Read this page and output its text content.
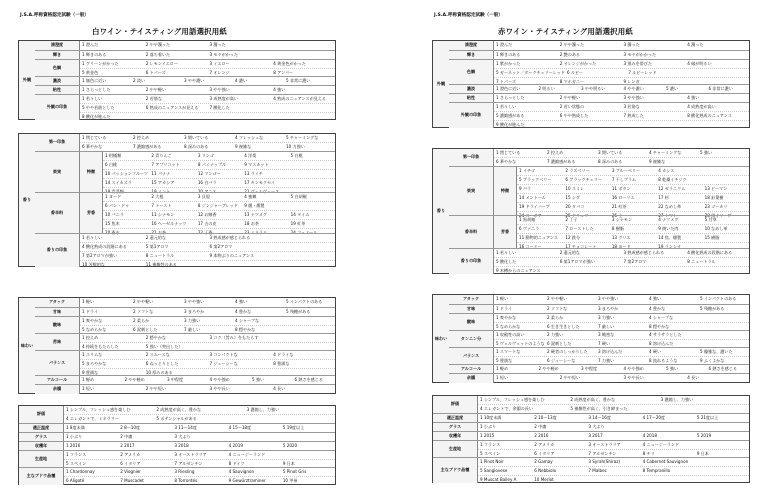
J.S.A.呼称資格認定試験（一般）
白ワイン・テイスティング用語選択用紙
外観
清澄度	1 澄んだ	2 やや濁った	3 濁った
輝き	1 輝きのある	2 落ち着いた	3 モヤがかった
色調
1 グリーンがかった	2 レモンイエロー	3 イエロー	4 黄金色がかった
5 黄金色	6 トパーズ	7 オレンジ	8 アンバー
濃淡	1 無色に近い	2 淡い	3 やや濃い	4 濃い	5 非常に濃い
粘性	1 さらっとした	2 やや軽い	3 やや強い	4 強い
外観の印象
1 若々しい	2 若筋な	3 成熟度が高い	4 熟成のニュアンスが見える
5 やや若筋とした	6 熟成のニュアンスが見える	7 酸化した
8 酸化が進んだ
香り
第一印象
1 閉じている	2 控えめ	3 開いている	4 フレッシュな	5 チャーミングな
6 華やかな	7 濃縮感がある	8 深みのある	9 複雑な	10 力強い
果実	特徴
1 柑橘類	2 青りんご	3 リンゴ	4 洋梨	5 白桃
6 白桃	7 アプリコット	8 パイナップル	9 マスカット
10 パッションフルーツ 11 バナナ	12 マンゴー	13 ライチ
14 スイカズラ	15 アカシア	16 白バラ	17 キンモクセイ
18 青菜類	19 ミント	20 アニス	21 ヴェルヴェーヌ
香辛料	芳香
1 ヨード	2 大根	3 貝殻	4 蜜蝋	5 白胡椒
6 パン・ドゥ	7 トースト	8 ジンジャーブレッド	9 燻・燻製
10 バニラ	11 シナモン	12 お線香	13 ナツメグ	14 タイム
15 焦木	16 ヘーゼルナッツ	17 古の皮	18 お茶	19 紅茶
20 香水	21 お茶	22 丁香	23 ミネラル	24 フェノール
香りの印象
1 若々しい	2 還元的な	3 熟成感が感じられる
4 酸化熟成の段階にある	5 第1アロマ	6 第2アロマ
7 第2アロマが強い	8 ニュートラル	9 本物ぶりのニュアンス
10 芳醇的な	11 複雑性のある
味わい
アタック	1 軽い	2 やや軽い	3 やや強い	4 強い	5 インパクトのある
甘味	1 ドライ	2 ソフトな	3 まろやか	4 豊かな	5 残糖がある
酸味
1 爽やかな	2 柔らか	3 力強い	4 シャープな
5 なめらかな	6 溌剌とした	7 厳しい	8 穏やかな
苦味
1 控えめ	2 穏やかな	3 コク（旨み）をもたらす
4 持続をもたらした	5 強い（突出した）
バランス
1 スリムな	2 スムースな	3 コンパクトな	4 ドライな
5 まろやかな	6 ねっとりとした	7 ジューシーな	8 豊満な
9 豊満な	10 厚みのある
アルコール	1 軽め	2 やや軽め	3 中程度	4 やや強め	5 強い	6 熱さを感じる
余韻	1 短い	2 やや短い	3 やや長い	4 長い
評価
1 シンプル、フレッシュ感を楽しむ	2 成熟度が高く、豊かな	3 濃縮し、力強い
4 エレガントで、ミネラリー	5 ポテンシャルがある
適正温度	1 8度未満	2 8〜10度	3 11〜14度	4 15〜18度	5 19度以上
グラス	1 小ぶり	2 中庸	3 大ぶり
収穫年	1 2016	2 2017	3 2018	4 2019	5 2020
生産地
1 フランス	2 アメリカ	3 オーストラリア	4 ニュージーランド
5 スペイン	6 イタリア	7 アルゼンチン	8 ドイツ	9 日本
主なブドウ品種
1 Chardonnay	2 Viognier	3 Riesling	4 Sauvignon	5 Pinot Gris
6 Aligoté	7 Muscadet	8 Torrontés	9 Gewürztraminer	10 甲州
J.S.A.呼称資格認定試験（一般）
赤ワイン・テイスティング用語選択用紙
外観
清澄度	1 澄んだ	2 やや濁った	3 濁った	4 濁った
輝き	1 輝きのある	2 艶のある	3 モヤがかかった
色調
1 紫がかった	2 オレンジがかった	3 黒みを帯びた	4 縁が明るい
5 ガーネット／ダークチェリーレッド 6 ルビー	7 ルビーレッド
7 トパーズ	8 マホガニー	9 レンガ
濃淡	1 澄色に近い	2 明るい	3 やや明るい	4 やや濃い	5 濃い	6 非常に濃い
粘性	1 さらっとした	2 やや軽い	3 やや強い	4 強い
外観の印象
1 若々しい	2 若い状態の	3 若筋な	4 成熟度が高い
5 濃縮感がある	6 やや熟成した	7 熟成した	8 酸化熟成のニュアンス
9 酸化が進んだ
香り
第一印象
1 閉じている	2 控えめ	3 開いている	4 チャーミングな	5 強い
6 華やかな	7 濃縮感がある	8 深みのある	9 複雑な
果実	特徴
1 イチゴ	2 ラズベリー	3 ブルーベリー	4 カシス
5 ブラックベリー	6 ブラックチェリー	7 干しプラム	8 乾燥イチジク
9 バラ	10 スミレ	11 ボタン	12 ゼラニウム	13 ピーマン
14 メントール	15 シダ	16 ローリエ	17 杉	18 針葉樹
19 ドライハーブ	20 タバコ	21 紅茶	22 なめし革	23 ゴーカリ
24 スーボア	25 ドリュフ	26 土	27 トマト	28 黒オリーブ
香辛料	芳香
1 黒胡椒	2 丁子	3 シナモン	4 ナツメグ	5 甘草
6 ヴァニラ	7 ローストした	8 樹脂	9 焼いた肉	10 なめし革
11 動物的ニュアンス	12 鉄分	13 グリエ	14 焦、燻製	15 樹脂
16 コーヒー	17 チョコレート	18 ヨード	19 ランシオ
香りの印象
1 若々しい	2 還元的な	3 熟成感が感じられる	4 酸化熟成の段階にある
5 酸化した	6 第1アロマが強い	7 第2アロマ	8 ニュートラル
9 木樽からのニュアンス
味わい
アタック	1 軽い	2 やや軽い	3 やや強い	4 強い	5 インパクトのある
甘味	1 ドライ	2 ソフトな	3 まろやか	4 豊かな	5 残糖がある
酸味
1 爽やかな	2 柔らか	3 力強い	4 シャープな
5 なめらかな	6 生き生きとした	7 厳しい	8 穏やかな
タンニン分
1 収斂性の高い	2 力強い	3 緻密な	4 サラサラとした
5 ヴェルヴェットのような 6 溌剌とした	7 硬い	8 溶け込んだ
バランス
1 スマートな	2 硬者のしっかりした	3 溶け込んだ	4 硬い	5 優雅な、濃いた
5 豊満な	6 ジューシーな	7 力強い	8 流れるような	9 ふくよかな
アルコール	1 軽め	2 やや軽め	3 中程度	4 やや強め	5 強い	6 熱さを感じる
余韻	1 短い	2 やや短い	3 やや長い	4 長い
評価
1 シンプル、フレッシュ感を楽しむ	2 成熟度が高く、豊かな	3 濃縮し、力強い
4 エレガントで、余韻の長い	5 複雑性が高く、引き締まった
適正温度	1 10度未満	2 10〜13度	3 14〜16度	4 17〜20度	5 21度以上
グラス	1 小ぶり	2 中庸	3 大ぶり
収穫年	1 2015	2 2016	3 2017	4 2018	5 2019
生産地
1 フランス	2 アメリカ	3 オーストラリア	4 ニュージーランド
5 スペイン	6 イタリア	7 アルゼンチン	8 チリ	9 日本
主なブドウ品種
1 Pinot Noir	2 Gamay	3 Syrah(Shiraz)	4 Cabernet Sauvignon
5 Sangiovese	6 Nebbiolo	7 Malbec	8 Tempranillo
9 Muscat Bailey A	10 Merlot
